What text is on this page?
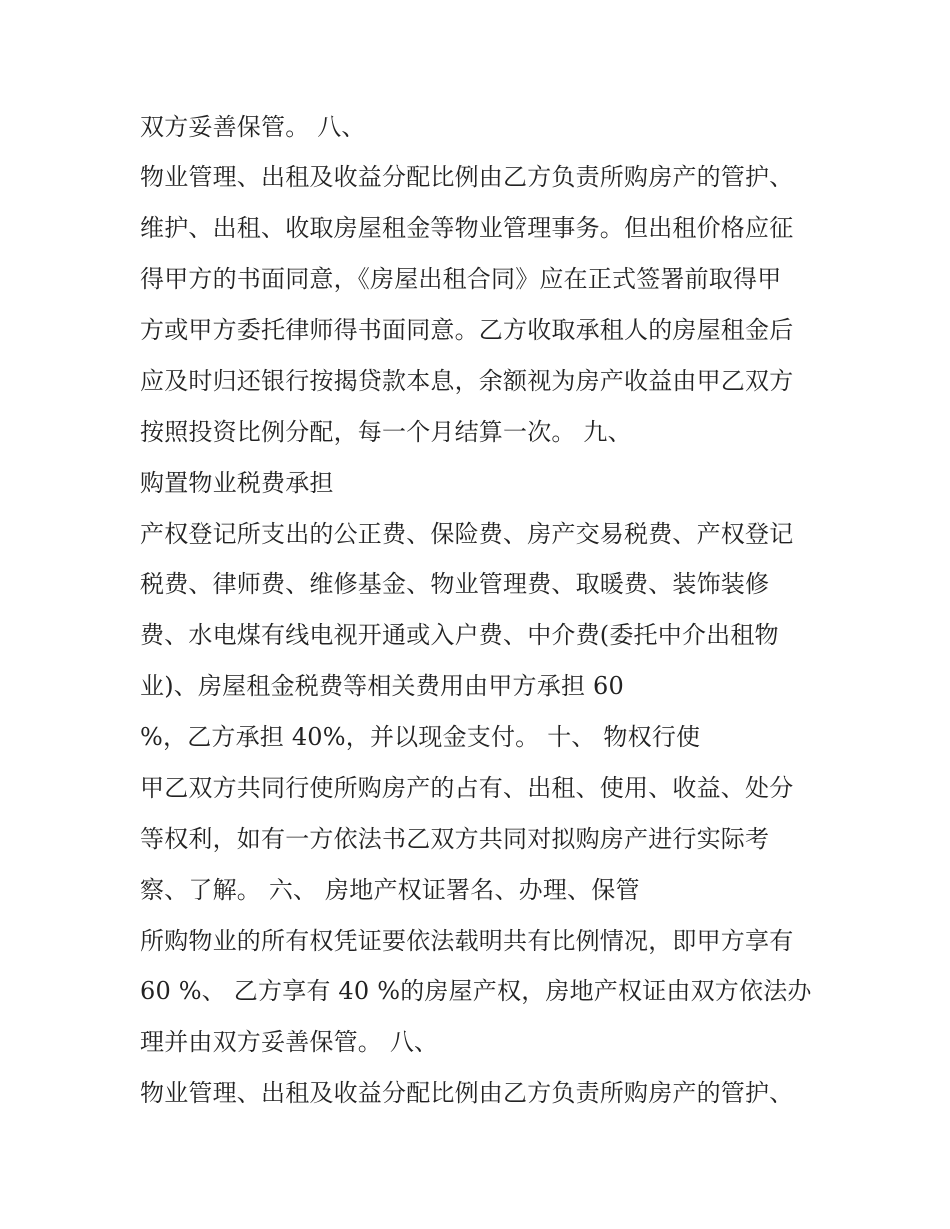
双方妥善保管。 八、
物业管理、出租及收益分配比例由乙方负责所购房产的管护、
维护、出租、收取房屋租金等物业管理事务。但出租价格应征
得甲方的书面同意，《房屋出租合同》应在正式签署前取得甲
方或甲方委托律师得书面同意。乙方收取承租人的房屋租金后
应及时归还银行按揭贷款本息，余额视为房产收益由甲乙双方
按照投资比例分配，每一个月结算一次。 九、
购置物业税费承担
产权登记所支出的公正费、保险费、房产交易税费、产权登记
税费、律师费、维修基金、物业管理费、取暖费、装饰装修
费、水电煤有线电视开通或入户费、中介费(委托中介出租物
业)、房屋租金税费等相关费用由甲方承担 60
%，乙方承担 40%，并以现金支付。 十、 物权行使
甲乙双方共同行使所购房产的占有、出租、使用、收益、处分
等权利，如有一方依法书乙双方共同对拟购房产进行实际考
察、了解。 六、 房地产权证署名、办理、保管
所购物业的所有权凭证要依法载明共有比例情况，即甲方享有
60 %、 乙方享有 40 %的房屋产权，房地产权证由双方依法办
理并由双方妥善保管。 八、
物业管理、出租及收益分配比例由乙方负责所购房产的管护、
